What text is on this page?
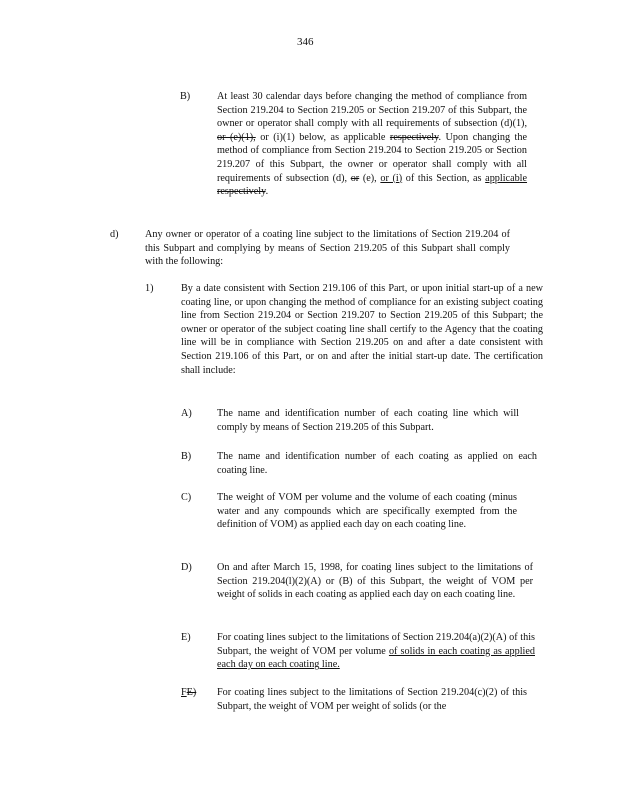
346
B)	At least 30 calendar days before changing the method of compliance from Section 219.204 to Section 219.205 or Section 219.207 of this Subpart, the owner or operator shall comply with all requirements of subsection (d)(1), or (e)(1), or (i)(1) below, as applicable respectively. Upon changing the method of compliance from Section 219.204 to Section 219.205 or Section 219.207 of this Subpart, the owner or operator shall comply with all requirements of subsection (d), or (e), or (i) of this Section, as applicable respectively.
d)	Any owner or operator of a coating line subject to the limitations of Section 219.204 of this Subpart and complying by means of Section 219.205 of this Subpart shall comply with the following:
1)	By a date consistent with Section 219.106 of this Part, or upon initial start-up of a new coating line, or upon changing the method of compliance for an existing subject coating line from Section 219.204 or Section 219.207 to Section 219.205 of this Subpart; the owner or operator of the subject coating line shall certify to the Agency that the coating line will be in compliance with Section 219.205 on and after a date consistent with Section 219.106 of this Part, or on and after the initial start-up date. The certification shall include:
A) The name and identification number of each coating line which will comply by means of Section 219.205 of this Subpart.
B)	The name and identification number of each coating as applied on each coating line.
C)	The weight of VOM per volume and the volume of each coating (minus water and any compounds which are specifically exempted from the definition of VOM) as applied each day on each coating line.
D) On and after March 15, 1998, for coating lines subject to the limitations of Section 219.204(l)(2)(A) or (B) of this Subpart, the weight of VOM per weight of solids in each coating as applied each day on each coating line.
E)	For coating lines subject to the limitations of Section 219.204(a)(2)(A) of this Subpart, the weight of VOM per volume of solids in each coating as applied each day on each coating line.
FE) For coating lines subject to the limitations of Section 219.204(c)(2) of this Subpart, the weight of VOM per weight of solids (or the
